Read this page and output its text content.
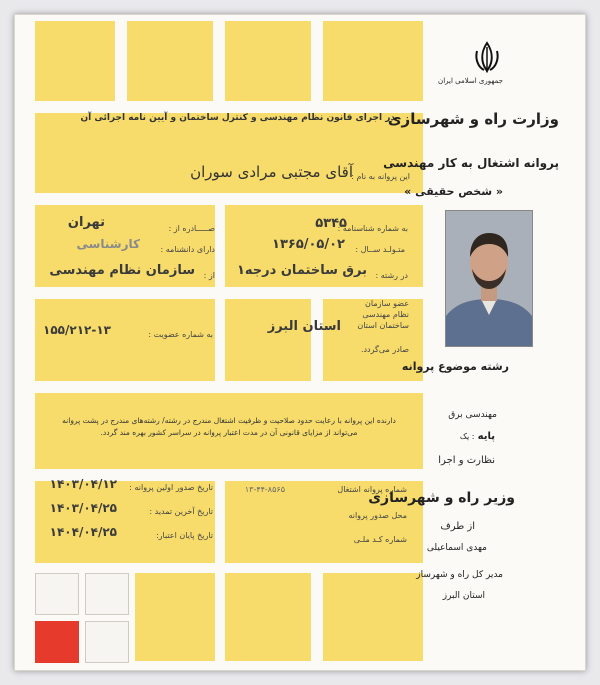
در اجرای قانون نظام مهندسی و کنترل ساختمان و آیین نامه اجرائی آن
این پروانه به نام :
آقای مجتبی مرادی سوران
به شماره شناسنامه :
۵۳۴۵
صـــــادره از :
تهران
متـولـد ســال :
۱۳۶۵/۰۵/۰۲
دارای دانشنامه :
کارشناسی
در رشته :
برق ساختمان درجه۱
از :
سازمان نظام مهندسی
عضو سازمان نظام مهندسی ساختمان استان
استان البرز
صادر می‌گردد.
به شماره عضویت :
۱۵۵/۲۱۲-۱۳
دارنده این پروانه با رعایت حدود صلاحیت و ظرفیت اشتغال مندرج در رشته/ رشته‌های مندرج در پشت پروانه می‌تواند از مزایای قانونی آن در مدت اعتبار پروانه در سراسر کشور بهره مند گردد.
شماره پروانه اشتغال
۱۳-۴۴-۸۵۶۵
محل صدور پروانه
شماره کـد ملـی
تاریخ صدور اولین پروانه :
۱۴۰۳/۰۴/۱۲
تاریخ آخرین تمدید :
۱۴۰۳/۰۴/۲۵
تاریخ پایان اعتبار:
۱۴۰۴/۰۴/۲۵
جمهوری اسلامی ایران
وزارت راه و شهرسازی
پروانه اشتغال به کار مهندسی
« شخص حقیقی »
رشته موضوع پروانه
مهندسی برق
پایه : یک
نظارت و اجرا
وزیر راه و شهرسازی
از طرف
مهدی اسماعیلی
مدیر کل راه و شهرساز
استان البرز
